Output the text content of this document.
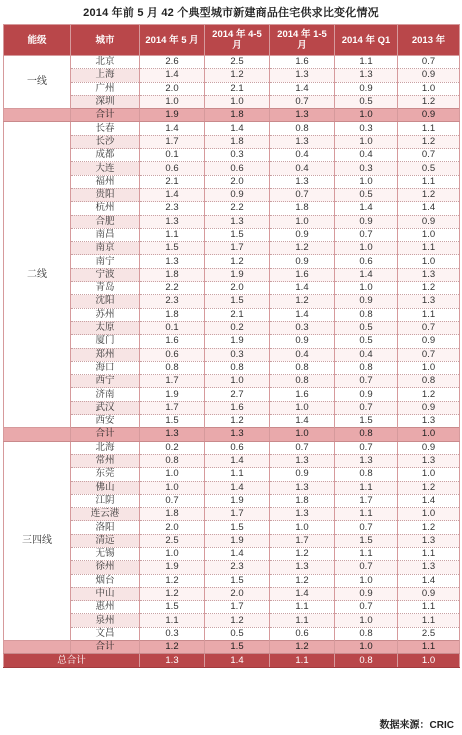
2014 年前 5 月 42 个典型城市新建商品住宅供求比变化情况
能级	城市	2014 年 5 月	2014 年 4-5 月	2014 年 1-5 月	2014 年 Q1	2013 年
一线	北京	2.6	2.5	1.6	1.1	0.7
	上海	1.4	1.2	1.3	1.3	0.9
	广州	2.0	2.1	1.4	0.9	1.0
	深圳	1.0	1.0	0.7	0.5	1.2
	合计	1.9	1.8	1.3	1.0	0.9
二线	长春	1.4	1.4	0.8	0.3	1.1
	长沙	1.7	1.8	1.3	1.0	1.2
	成都	0.1	0.3	0.4	0.4	0.7
	大连	0.6	0.6	0.4	0.3	0.5
	福州	2.1	2.0	1.3	1.0	1.1
	贵阳	1.4	0.9	0.7	0.5	1.2
	杭州	2.3	2.2	1.8	1.4	1.4
	合肥	1.3	1.3	1.0	0.9	0.9
	南昌	1.1	1.5	0.9	0.7	1.0
	南京	1.5	1.7	1.2	1.0	1.1
	南宁	1.3	1.2	0.9	0.6	1.0
	宁波	1.8	1.9	1.6	1.4	1.3
	青岛	2.2	2.0	1.4	1.0	1.2
	沈阳	2.3	1.5	1.2	0.9	1.3
	苏州	1.8	2.1	1.4	0.8	1.1
	太原	0.1	0.2	0.3	0.5	0.7
	厦门	1.6	1.9	0.9	0.5	0.9
	郑州	0.6	0.3	0.4	0.4	0.7
	海口	0.8	0.8	0.8	0.8	1.0
	西宁	1.7	1.0	0.8	0.7	0.8
	济南	1.9	2.7	1.6	0.9	1.2
	武汉	1.7	1.6	1.0	0.7	0.9
	西安	1.5	1.2	1.4	1.5	1.3
	合计	1.3	1.3	1.0	0.8	1.0
三四线	北海	0.2	0.6	0.7	0.7	0.9
	常州	0.8	1.4	1.3	1.3	1.3
	东莞	1.0	1.1	0.9	0.8	1.0
	佛山	1.0	1.4	1.3	1.1	1.2
	江阴	0.7	1.9	1.8	1.7	1.4
	连云港	1.8	1.7	1.3	1.1	1.0
	洛阳	2.0	1.5	1.0	0.7	1.2
	清远	2.5	1.9	1.7	1.5	1.3
	无锡	1.0	1.4	1.2	1.1	1.1
	徐州	1.9	2.3	1.3	0.7	1.3
	烟台	1.2	1.5	1.2	1.0	1.4
	中山	1.2	2.0	1.4	0.9	0.9
	惠州	1.5	1.7	1.1	0.7	1.1
	泉州	1.1	1.2	1.1	1.0	1.1
	文昌	0.3	0.5	0.6	0.8	2.5
	合计	1.2	1.5	1.2	1.0	1.1
总合计		1.3	1.4	1.1	0.8	1.0
数据来源：CRIC
